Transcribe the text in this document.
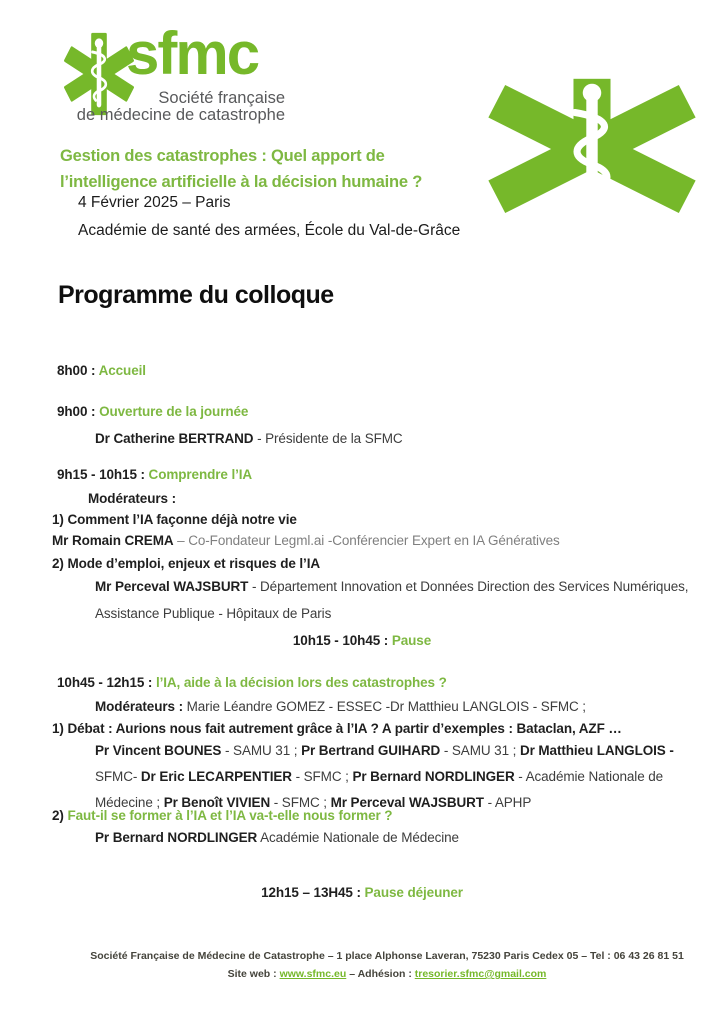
sfmc
Société française
de médecine de catastrophe
Gestion des catastrophes : Quel apport de
l’intelligence artificielle à la décision humaine ?
4 Février 2025 – Paris
Académie de santé des armées, École du Val-de-Grâce
Programme du colloque
8h00 : Accueil
9h00 : Ouverture de la journée
Dr Catherine BERTRAND - Présidente de la SFMC
9h15 - 10h15 : Comprendre l’IA
Modérateurs :
1) Comment l’IA façonne déjà notre vie
Mr Romain CREMA – Co-Fondateur Legml.ai -Conférencier Expert en IA Génératives
2) Mode d’emploi, enjeux et risques de l’IA
Mr Perceval WAJSBURT - Département Innovation et Données Direction des Services Numériques,
Assistance Publique - Hôpitaux de Paris
10h15 - 10h45 : Pause
10h45 - 12h15 : l’IA, aide à la décision lors des catastrophes ?
Modérateurs : Marie Léandre GOMEZ - ESSEC -Dr Matthieu LANGLOIS - SFMC ;
1) Débat : Aurions nous fait autrement grâce à l’IA ? A partir d’exemples : Bataclan, AZF …
Pr Vincent BOUNES - SAMU 31 ; Pr Bertrand GUIHARD - SAMU 31 ; Dr Matthieu LANGLOIS -
SFMC- Dr Eric LECARPENTIER - SFMC ; Pr Bernard NORDLINGER - Académie Nationale de
Médecine ; Pr Benoît VIVIEN - SFMC ; Mr Perceval WAJSBURT - APHP
2) Faut-il se former à l’IA et l’IA va-t-elle nous former ?
Pr Bernard NORDLINGER Académie Nationale de Médecine
12h15 – 13H45 : Pause déjeuner
Société Française de Médecine de Catastrophe – 1 place Alphonse Laveran, 75230 Paris Cedex 05 – Tel : 06 43 26 81 51
Site web : www.sfmc.eu – Adhésion : tresorier.sfmc@gmail.com
